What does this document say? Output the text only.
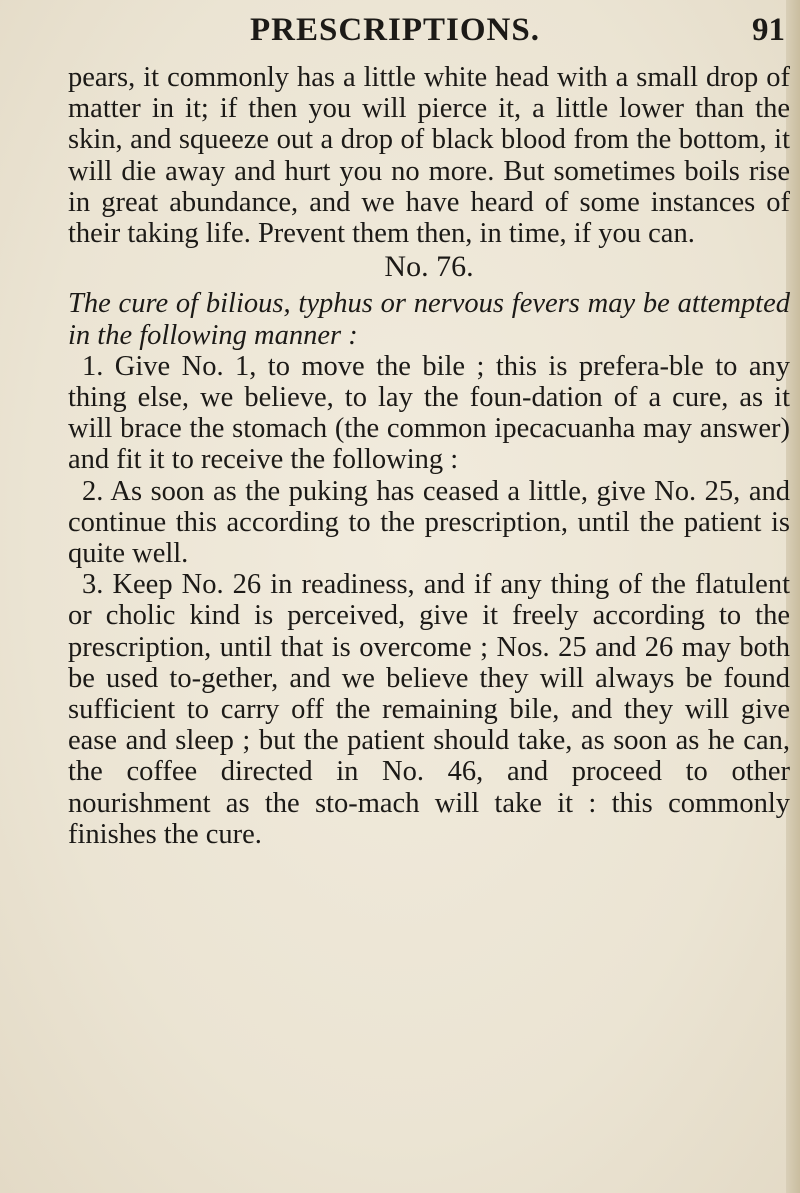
PRESCRIPTIONS.	91

pears, it commonly has a little white head with a small drop of matter in it; if then you will pierce it, a little lower than the skin, and squeeze out a drop of black blood from the bottom, it will die away and hurt you no more. But sometimes boils rise in great abundance, and we have heard of some instances of their taking life. Prevent them then, in time, if you can.

No. 76.

The cure of bilious, typhus or nervous fevers may be attempted in the following manner :

1. Give No. 1, to move the bile ; this is prefera-ble to any thing else, we believe, to lay the foun-dation of a cure, as it will brace the stomach (the common ipecacuanha may answer) and fit it to receive the following :

2. As soon as the puking has ceased a little, give No. 25, and continue this according to the prescription, until the patient is quite well.

3. Keep No. 26 in readiness, and if any thing of the flatulent or cholic kind is perceived, give it freely according to the prescription, until that is overcome ; Nos. 25 and 26 may both be used to-gether, and we believe they will always be found sufficient to carry off the remaining bile, and they will give ease and sleep ; but the patient should take, as soon as he can, the coffee directed in No. 46, and proceed to other nourishment as the sto-mach will take it : this commonly finishes the cure.
